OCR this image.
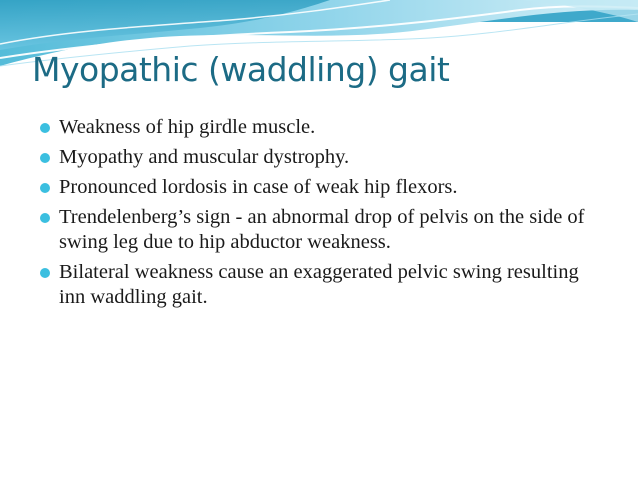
Myopathic (waddling) gait
Weakness of hip girdle muscle.
Myopathy and muscular dystrophy.
Pronounced lordosis in case of weak hip flexors.
Trendelenberg’s sign - an abnormal drop of pelvis on the side of swing leg due to hip abductor weakness.
Bilateral weakness cause an exaggerated pelvic swing resulting inn waddling gait.
